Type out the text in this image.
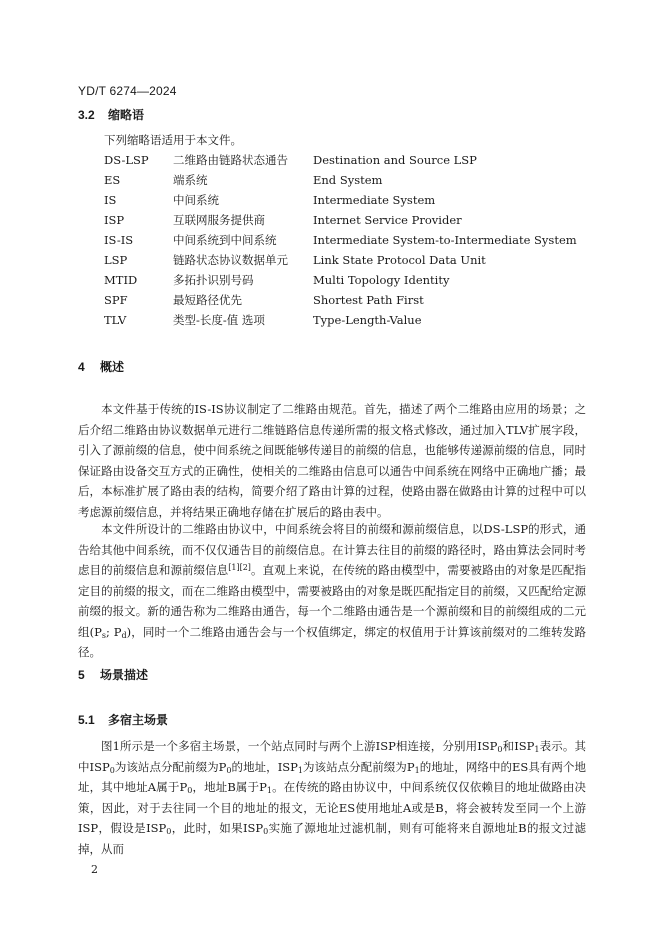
YD/T 6274—2024
3.2 缩略语
下列缩略语适用于本文件。
DS-LSP	二维路由链路状态通告	Destination and Source LSP
ES	端系统	End System
IS	中间系统	Intermediate System
ISP	互联网服务提供商	Internet Service Provider
IS-IS	中间系统到中间系统	Intermediate System-to-Intermediate System
LSP	链路状态协议数据单元	Link State Protocol Data Unit
MTID	多拓扑识别号码	Multi Topology Identity
SPF	最短路径优先	Shortest Path First
TLV	类型-长度-值 选项	Type-Length-Value
4 概述

本文件基于传统的IS-IS协议制定了二维路由规范。首先，描述了两个二维路由应用的场景；之后介绍二维路由协议数据单元进行二维链路信息传递所需的报文格式修改，通过加入TLV扩展字段，引入了源前缀的信息，使中间系统之间既能够传递目的前缀的信息，也能够传递源前缀的信息，同时保证路由设备交互方式的正确性，使相关的二维路由信息可以通告中间系统在网络中正确地广播；最后，本标准扩展了路由表的结构，简要介绍了路由计算的过程，使路由器在做路由计算的过程中可以考虑源前缀信息，并将结果正确地存储在扩展后的路由表中。

本文件所设计的二维路由协议中，中间系统会将目的前缀和源前缀信息，以DS-LSP的形式，通告给其他中间系统，而不仅仅通告目的前缀信息。在计算去往目的前缀的路径时，路由算法会同时考虑目的前缀信息和源前缀信息[1][2]。直观上来说，在传统的路由模型中，需要被路由的对象是匹配指定目的前缀的报文，而在二维路由模型中，需要被路由的对象是既匹配指定目的前缀，又匹配给定源前缀的报文。新的通告称为二维路由通告，每一个二维路由通告是一个源前缀和目的前缀组成的二元组($P_s$; $P_d$)，同时一个二维路由通告会与一个权值绑定，绑定的权值用于计算该前缀对的二维转发路径。

5 场景描述
5.1 多宿主场景

图1所示是一个多宿主场景，一个站点同时与两个上游ISP相连接，分别用$ISP_0$和$ISP_1$表示。其中$ISP_0$为该站点分配前缀为$P_0$的地址，$ISP_1$为该站点分配前缀为$P_1$的地址，网络中的ES具有两个地址，其中地址A属于$P_0$，地址B属于$P_1$。在传统的路由协议中，中间系统仅仅依赖目的地址做路由决策，因此，对于去往同一个目的地址的报文，无论ES使用地址A或是B，将会被转发至同一个上游ISP，假设是$ISP_0$，此时，如果$ISP_0$实施了源地址过滤机制，则有可能将来自源地址B的报文过滤掉，从而

2
